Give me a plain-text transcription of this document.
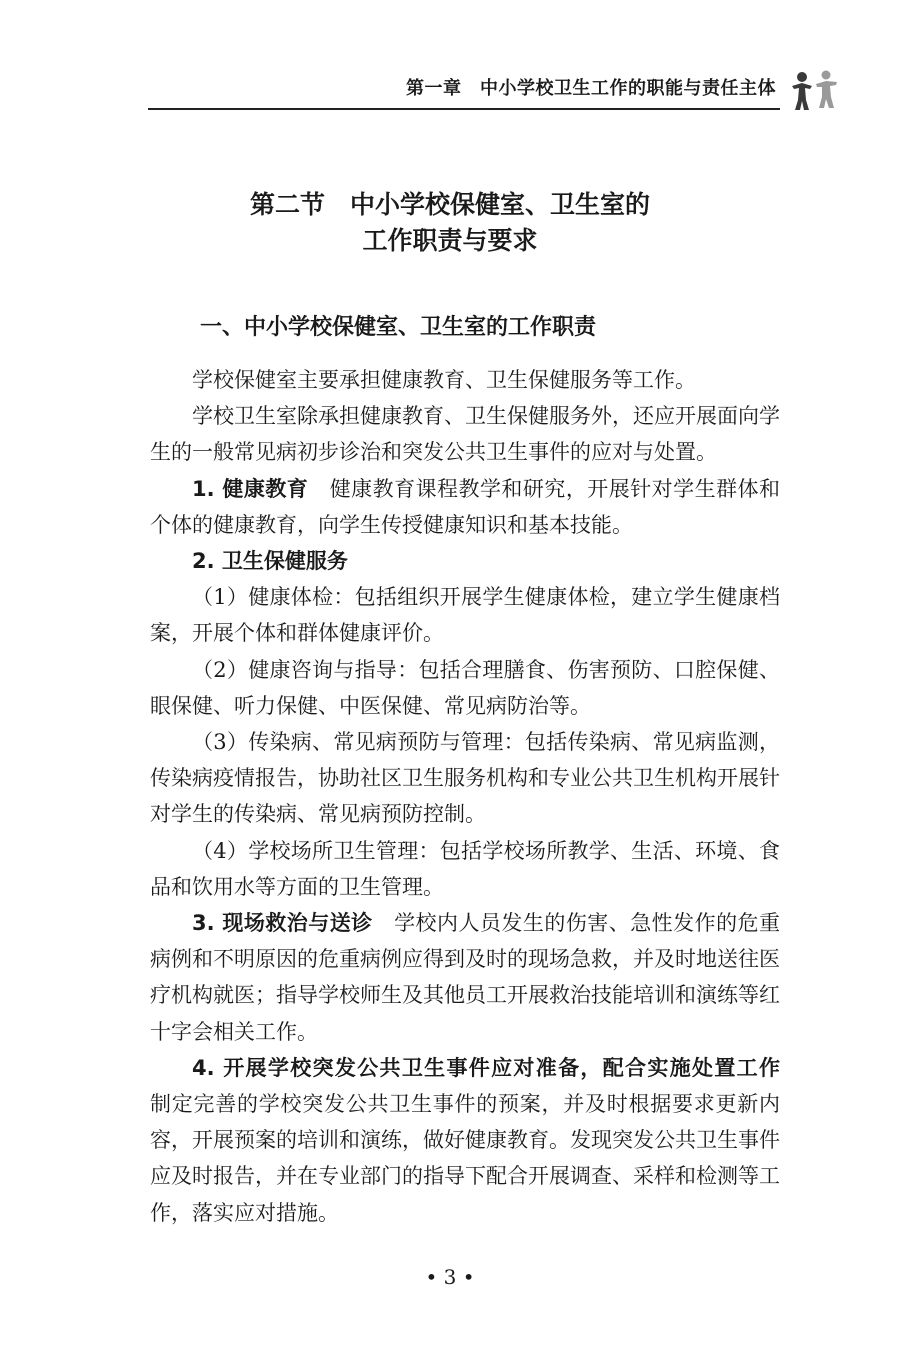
第一章　中小学校卫生工作的职能与责任主体
第二节　中小学校保健室、卫生室的
工作职责与要求
一、中小学校保健室、卫生室的工作职责

学校保健室主要承担健康教育、卫生保健服务等工作。

学校卫生室除承担健康教育、卫生保健服务外，还应开展面向学生的一般常见病初步诊治和突发公共卫生事件的应对与处置。

1. 健康教育　 健康教育课程教学和研究，开展针对学生群体和个体的健康教育，向学生传授健康知识和基本技能。

2. 卫生保健服务

（1）健康体检：包括组织开展学生健康体检，建立学生健康档案，开展个体和群体健康评价。

（2）健康咨询与指导：包括合理膳食、伤害预防、口腔保健、眼保健、听力保健、中医保健、常见病防治等。

（3）传染病、常见病预防与管理：包括传染病、常见病监测，传染病疫情报告，协助社区卫生服务机构和专业公共卫生机构开展针对学生的传染病、常见病预防控制。

（4）学校场所卫生管理：包括学校场所教学、生活、环境、食品和饮用水等方面的卫生管理。

3. 现场救治与送诊　 学校内人员发生的伤害、急性发作的危重病例和不明原因的危重病例应得到及时的现场急救，并及时地送往医疗机构就医；指导学校师生及其他员工开展救治技能培训和演练等红十字会相关工作。

4. 开展学校突发公共卫生事件应对准备，配合实施处置工作　制定完善的学校突发公共卫生事件的预案，并及时根据要求更新内容，开展预案的培训和演练，做好健康教育。发现突发公共卫生事件应及时报告，并在专业部门的指导下配合开展调查、采样和检测等工作，落实应对措施。

• 3 •
